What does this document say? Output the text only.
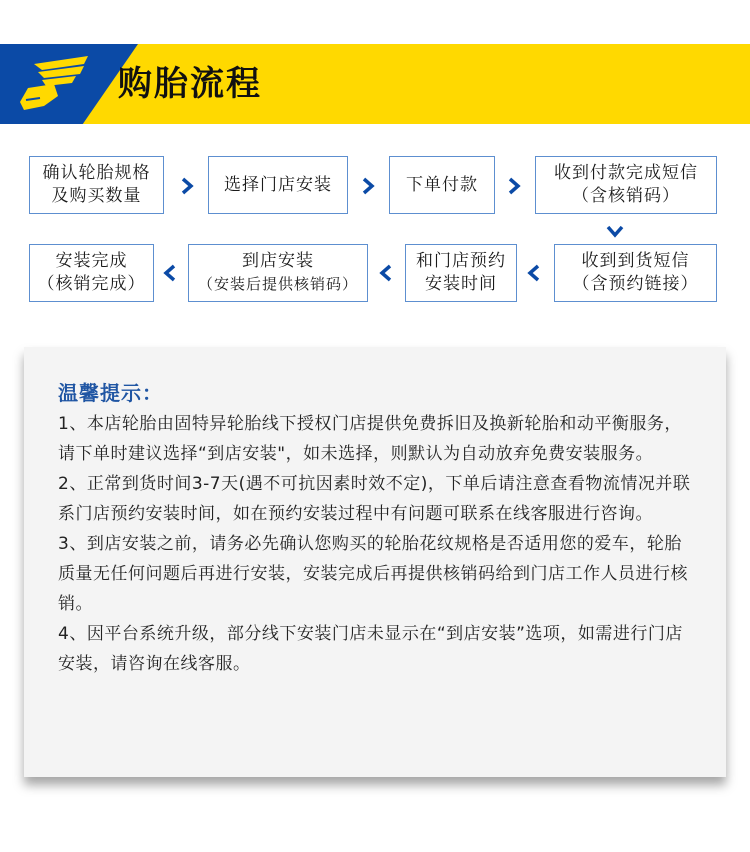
购胎流程
确认轮胎规格
及购买数量
选择门店安装	下单付款
收到付款完成短信
（含核销码）
收到到货短信
（含预约链接）
和门店预约
安装时间
到店安装
（安装后提供核销码）
安装完成
（核销完成）
温馨提示：

1、本店轮胎由固特异轮胎线下授权门店提供免费拆旧及换新轮胎和动平衡服务，请下单时建议选择“到店安装"，如未选择，则默认为自动放弃免费安装服务。

2、正常到货时间3-7天(遇不可抗因素时效不定)，下单后请注意查看物流情况并联系门店预约安装时间，如在预约安装过程中有问题可联系在线客服进行咨询。

3、到店安装之前，请务必先确认您购买的轮胎花纹规格是否适用您的爱车，轮胎质量无任何问题后再进行安装，安装完成后再提供核销码给到门店工作人员进行核销。

4、因平台系统升级，部分线下安装门店未显示在“到店安装”选项，如需进行门店安装，请咨询在线客服。
